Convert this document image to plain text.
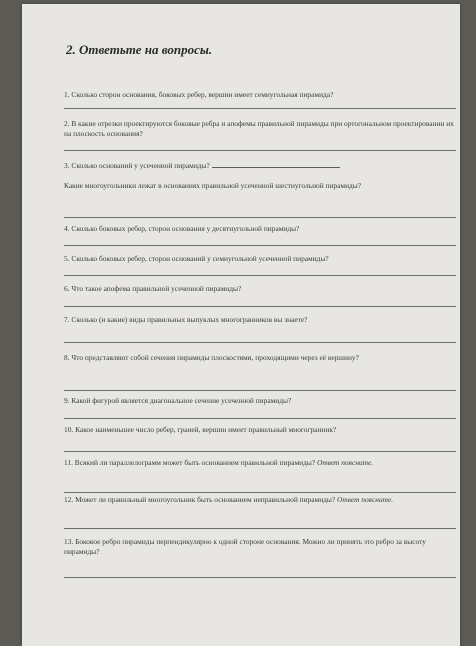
2. Ответьте на вопросы.
1. Сколько сторон основания, боковых ребер, вершин имеет семиугольная пирамида?
2. В какие отрезки проектируются боковые ребра и апофемы правильной пирамиды при ортогональном проектировании их на плоскость основания?
3. Сколько оснований у усеченной пирамиды?
Какие многоугольники лежат в основаниях правильной усеченной шестиугольной пирамиды?
4. Сколько боковых ребер, сторон основания у десятиугольной пирамиды?
5. Сколько боковых ребер, сторон оснований у семиугольной усеченной пирамиды?
6. Что такое апофема правильной усеченной пирамиды?
7. Сколько (и какие) виды правильных выпуклых многогранников вы знаете?
8. Что представляют собой сечения пирамиды плоскостями, проходящими через её вершину?
9. Какой фигурой является диагональное сечение усеченной пирамиды?
10. Какое наименьшее число ребер, граней, вершин имеет правильный многогранник?
11. Всякий ли параллелограмм может быть основанием правильной пирамиды? Ответ поясните.
12. Может ли правильный многоугольник быть основанием неправильной пирамиды? Ответ поясните.
13. Боковое ребро пирамиды перпендикулярно к одной стороне основания. Можно ли принять это ребро за высоту пирамиды?
